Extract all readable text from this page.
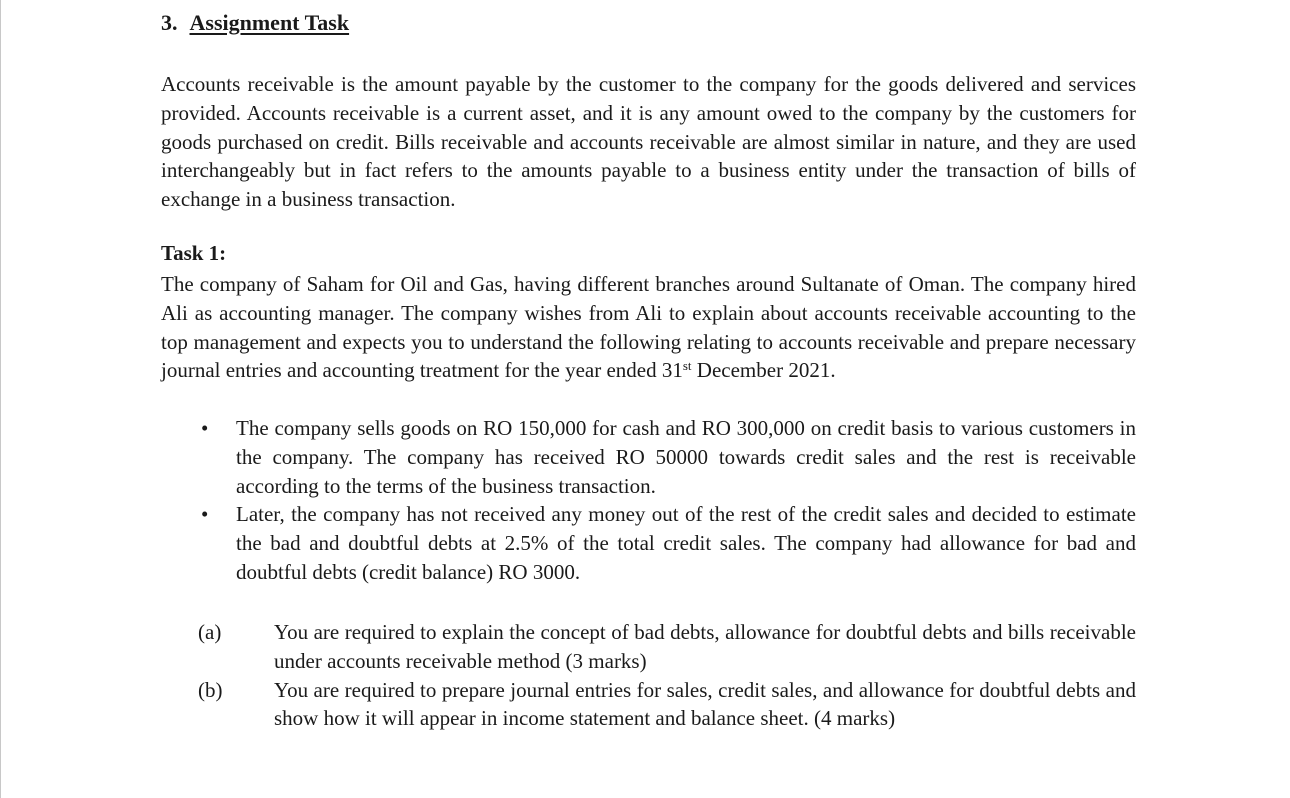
3. Assignment Task

Accounts receivable is the amount payable by the customer to the company for the goods delivered and services provided. Accounts receivable is a current asset, and it is any amount owed to the company by the customers for goods purchased on credit. Bills receivable and accounts receivable are almost similar in nature, and they are used interchangeably but in fact refers to the amounts payable to a business entity under the transaction of bills of exchange in a business transaction.

Task 1:

The company of Saham for Oil and Gas, having different branches around Sultanate of Oman. The company hired Ali as accounting manager. The company wishes from Ali to explain about accounts receivable accounting to the top management and expects you to understand the following relating to accounts receivable and prepare necessary journal entries and accounting treatment for the year ended 31st December 2021.

• The company sells goods on RO 150,000 for cash and RO 300,000 on credit basis to various customers in the company. The company has received RO 50000 towards credit sales and the rest is receivable according to the terms of the business transaction.

• Later, the company has not received any money out of the rest of the credit sales and decided to estimate the bad and doubtful debts at 2.5% of the total credit sales. The company had allowance for bad and doubtful debts (credit balance) RO 3000.

(a)	You are required to explain the concept of bad debts, allowance for doubtful debts and bills receivable under accounts receivable method (3 marks)

(b) You are required to prepare journal entries for sales, credit sales, and allowance for doubtful debts and show how it will appear in income statement and balance sheet. (4 marks)
